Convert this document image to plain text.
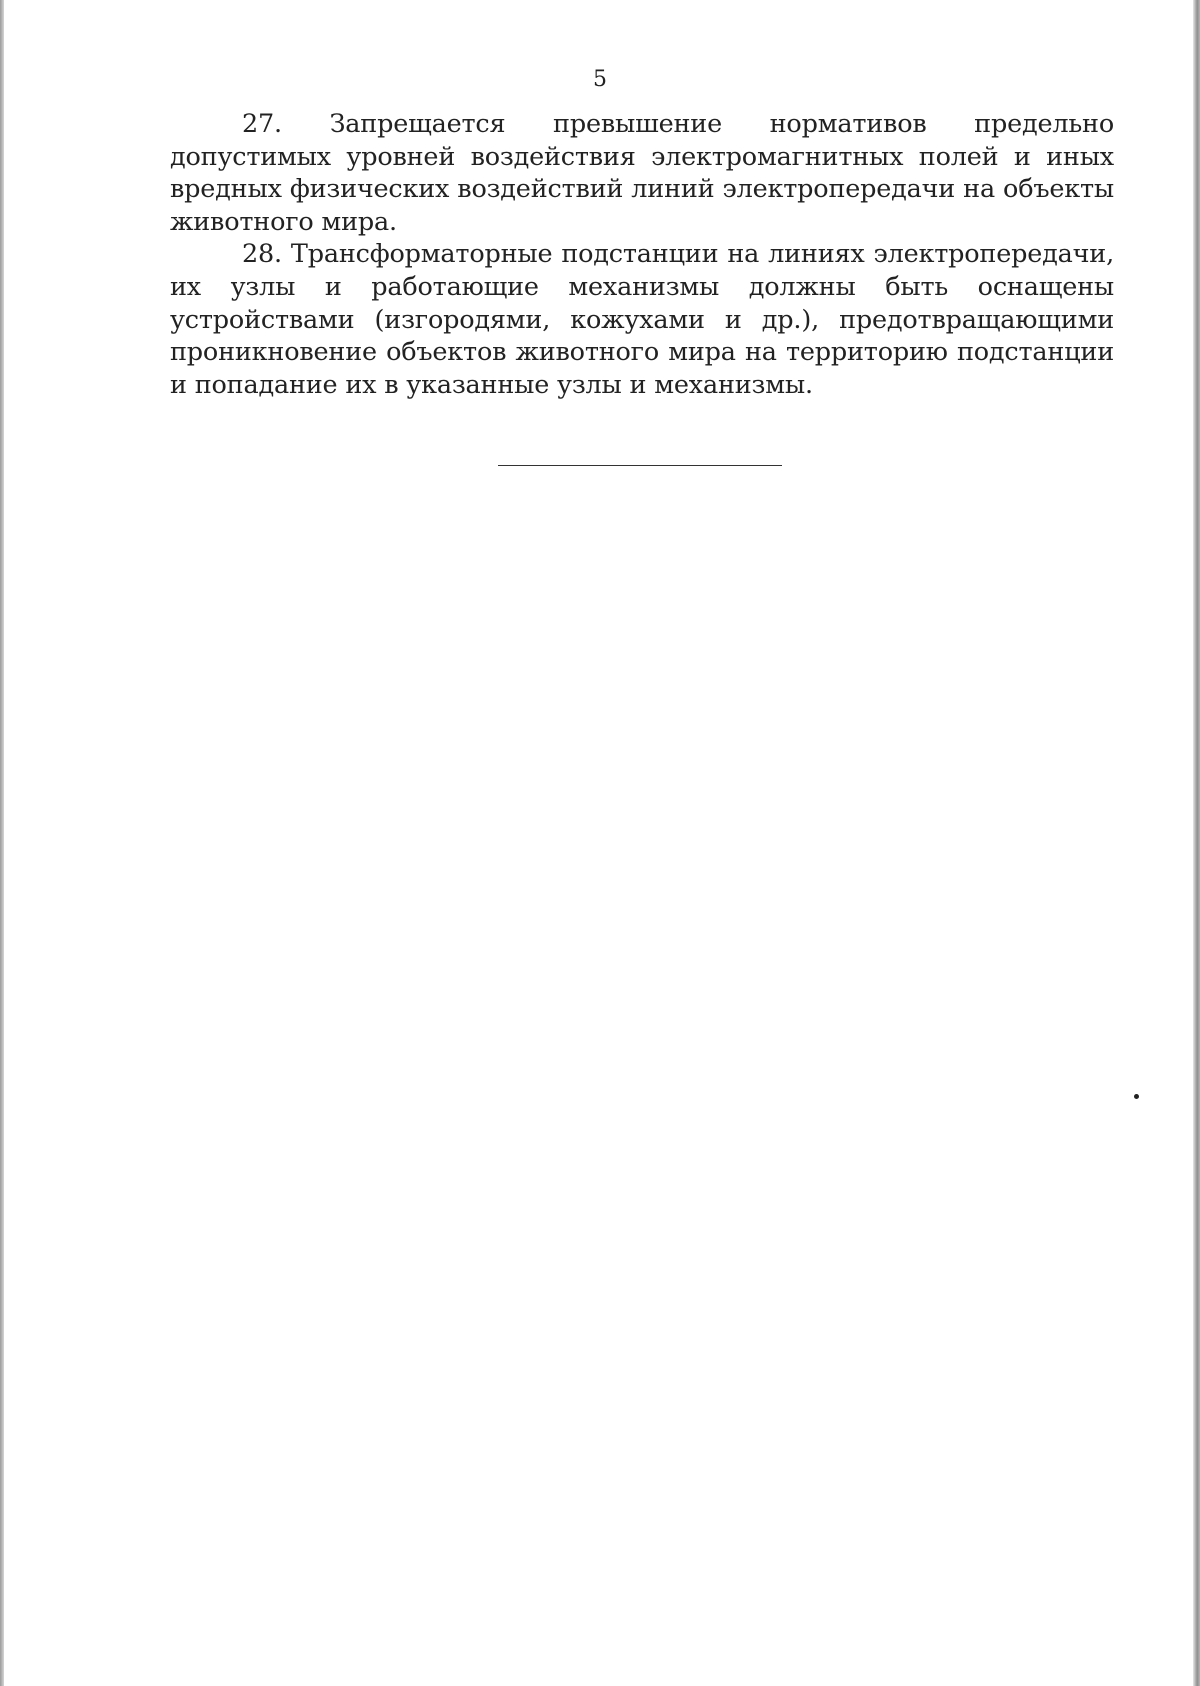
5

27. Запрещается превышение нормативов предельно допустимых уровней воздействия электромагнитных полей и иных вредных физических воздействий линий электропередачи на объекты животного мира.

28. Трансформаторные подстанции на линиях электропередачи, их узлы и работающие механизмы должны быть оснащены устройствами (изгородями, кожухами и др.), предотвращающими проникновение объектов животного мира на территорию подстанции и попадание их в указанные узлы и механизмы.
